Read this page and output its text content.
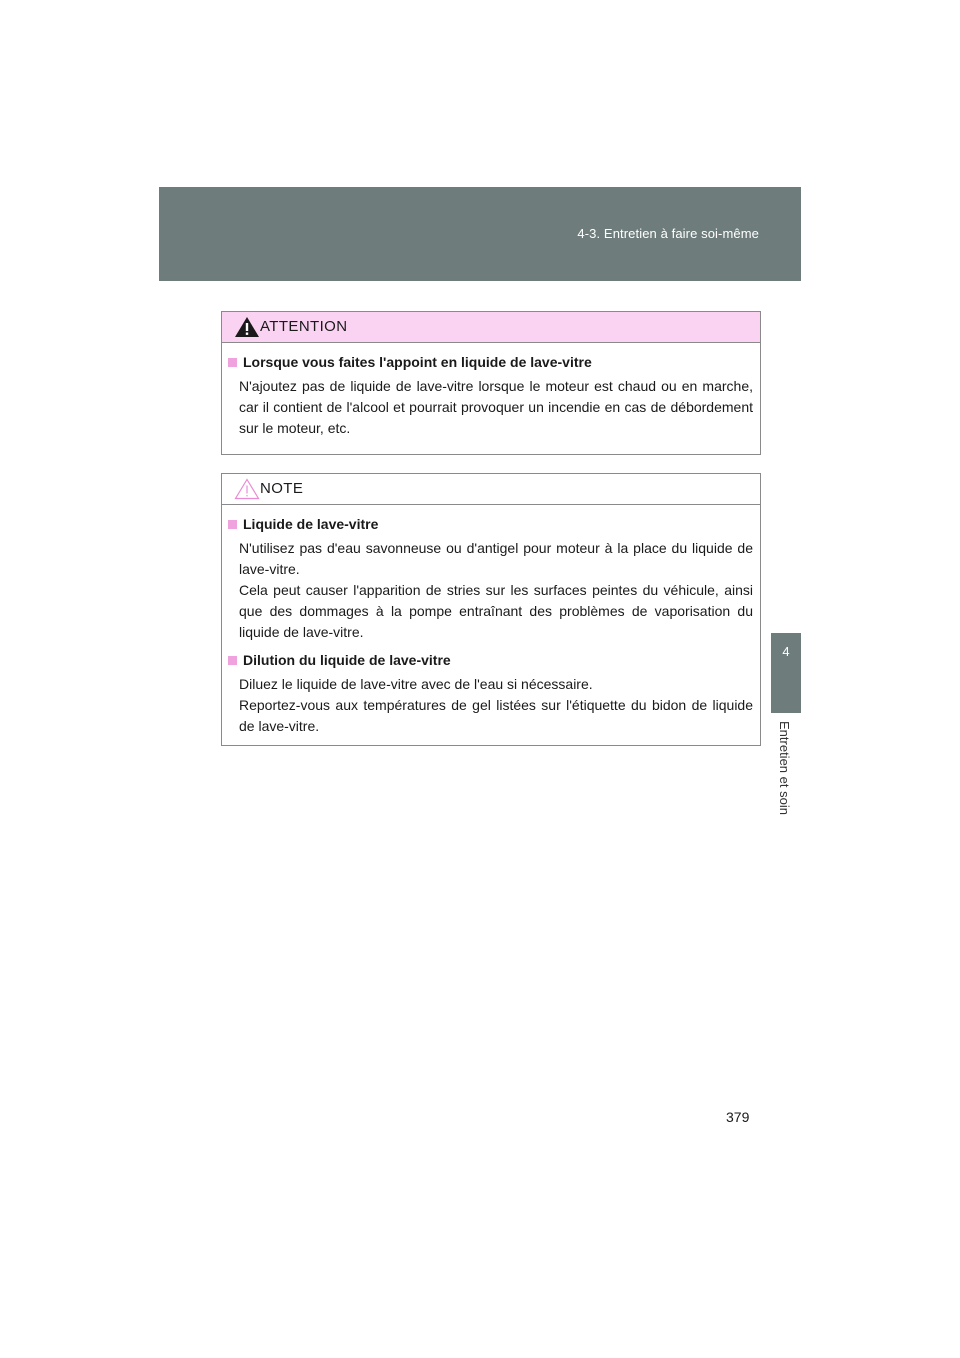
4-3. Entretien à faire soi-même
4
Entretien et soin
ATTENTION

Lorsque vous faites l'appoint en liquide de lave-vitre

N'ajoutez pas de liquide de lave-vitre lorsque le moteur est chaud ou en marche, car il contient de l'alcool et pourrait provoquer un incendie en cas de débordement sur le moteur, etc.

NOTE

Liquide de lave-vitre

N'utilisez pas d'eau savonneuse ou d'antigel pour moteur à la place du liquide de lave-vitre.
Cela peut causer l'apparition de stries sur les surfaces peintes du véhicule, ainsi que des dommages à la pompe entraînant des problèmes de vaporisation du liquide de lave-vitre.

Dilution du liquide de lave-vitre

Diluez le liquide de lave-vitre avec de l'eau si nécessaire.
Reportez-vous aux températures de gel listées sur l'étiquette du bidon de liquide de lave-vitre.

379
